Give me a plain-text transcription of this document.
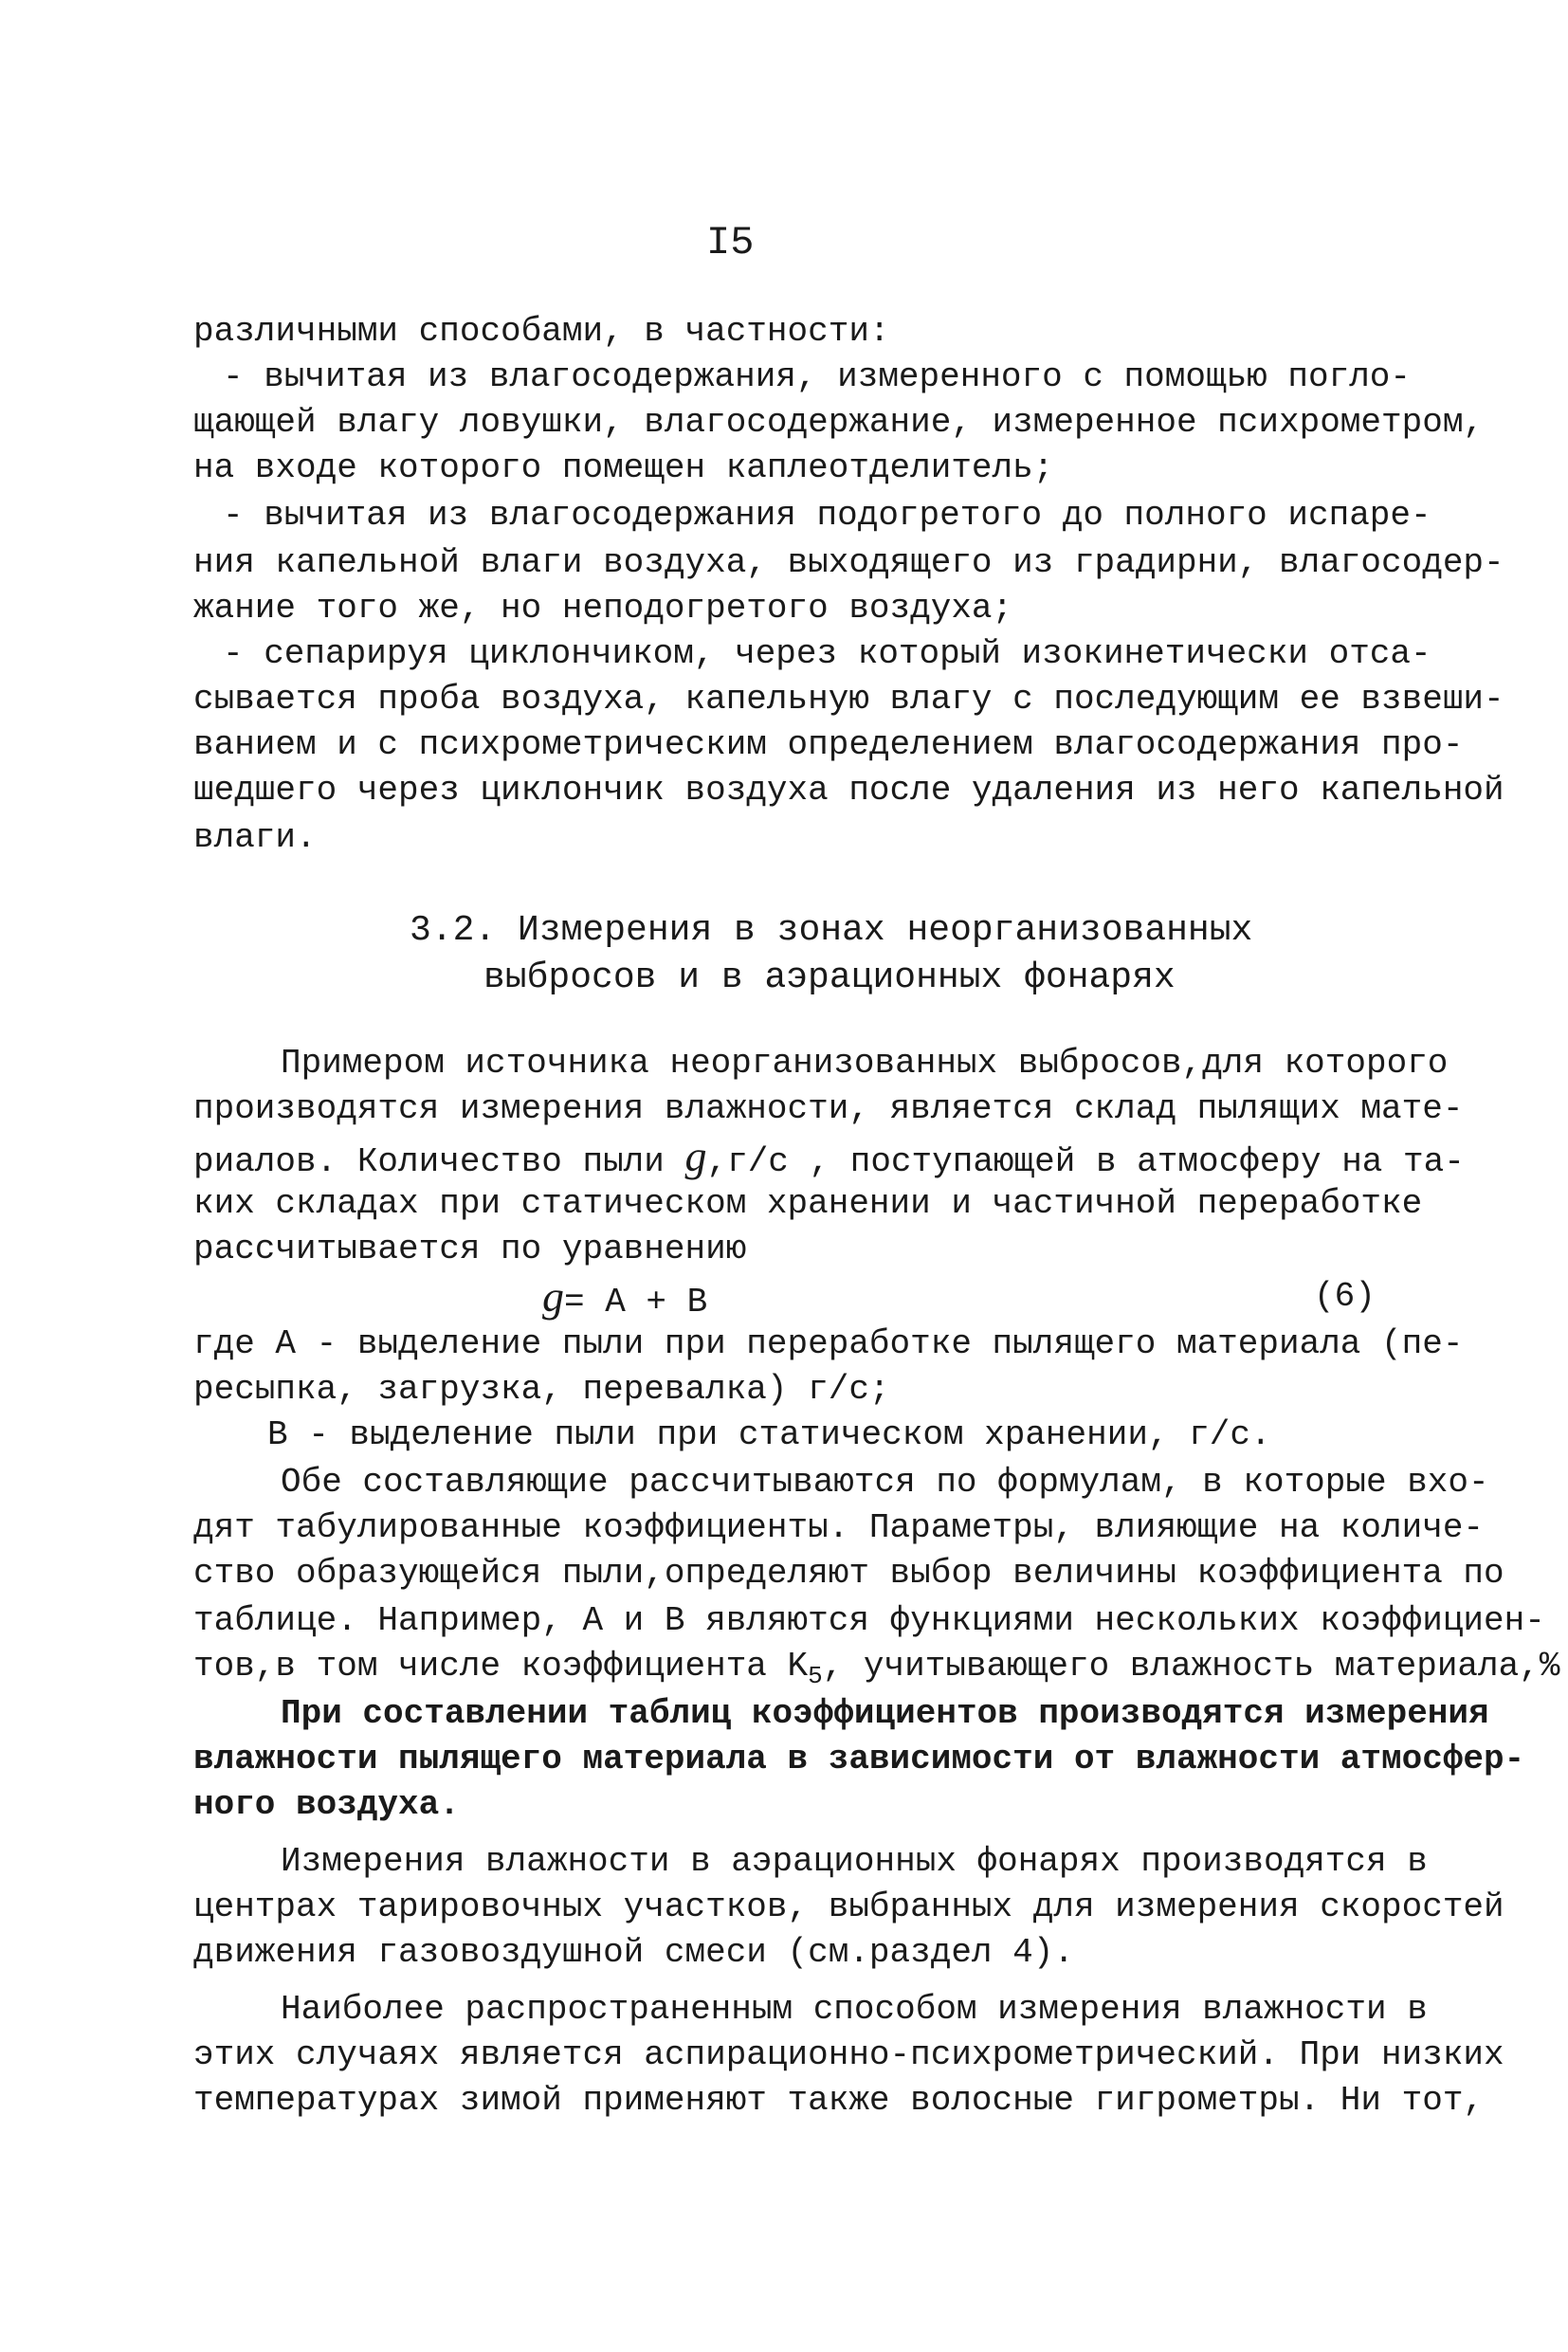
I5
различными способами, в частности:
- вычитая из влагосодержания, измеренного с помощью погло-
щающей влагу ловушки, влагосодержание, измеренное психрометром,
на входе которого помещен каплеотделитель;
- вычитая из влагосодержания подогретого до полного испаре-
ния капельной влаги воздуха, выходящего из градирни, влагосодер-
жание того же, но неподогретого воздуха;
- сепарируя циклончиком, через который изокинетически отса-
сывается проба воздуха, капельную влагу с последующим ее взвеши-
ванием и с психрометрическим определением влагосодержания про-
шедшего через циклончик воздуха после удаления из него капельной
влаги.
3.2. Измерения в зонах неорганизованных
выбросов и в аэрационных фонарях
Примером источника неорганизованных выбросов,для которого
производятся измерения влажности, является склад пылящих мате-
риалов. Количество пыли g,г/с , поступающей в атмосферу на та-
ких складах при статическом хранении и частичной переработке
рассчитывается по уравнению
g= A + B	(6)
где A - выделение пыли при переработке пылящего материала (пе-
ресыпка, загрузка, перевалка) г/с;
B - выделение пыли при статическом хранении, г/с.
Обе составляющие рассчитываются по формулам, в которые вхо-
дят табулированные коэффициенты. Параметры, влияющие на количе-
ство образующейся пыли,определяют выбор величины коэффициента по
таблице. Например, A и B являются функциями нескольких коэффициен-
тов,в том числе коэффициента $K_5$, учитывающего влажность материала,%
При составлении таблиц коэффициентов производятся измерения
влажности пылящего материала в зависимости от влажности атмосфер-
ного воздуха.
Измерения влажности в аэрационных фонарях производятся в
центрах тарировочных участков, выбранных для измерения скоростей
движения газовоздушной смеси (см.раздел 4).
Наиболее распространенным способом измерения влажности в
этих случаях является аспирационно-психрометрический. При низких
температурах зимой применяют также волосные гигрометры. Ни тот,
